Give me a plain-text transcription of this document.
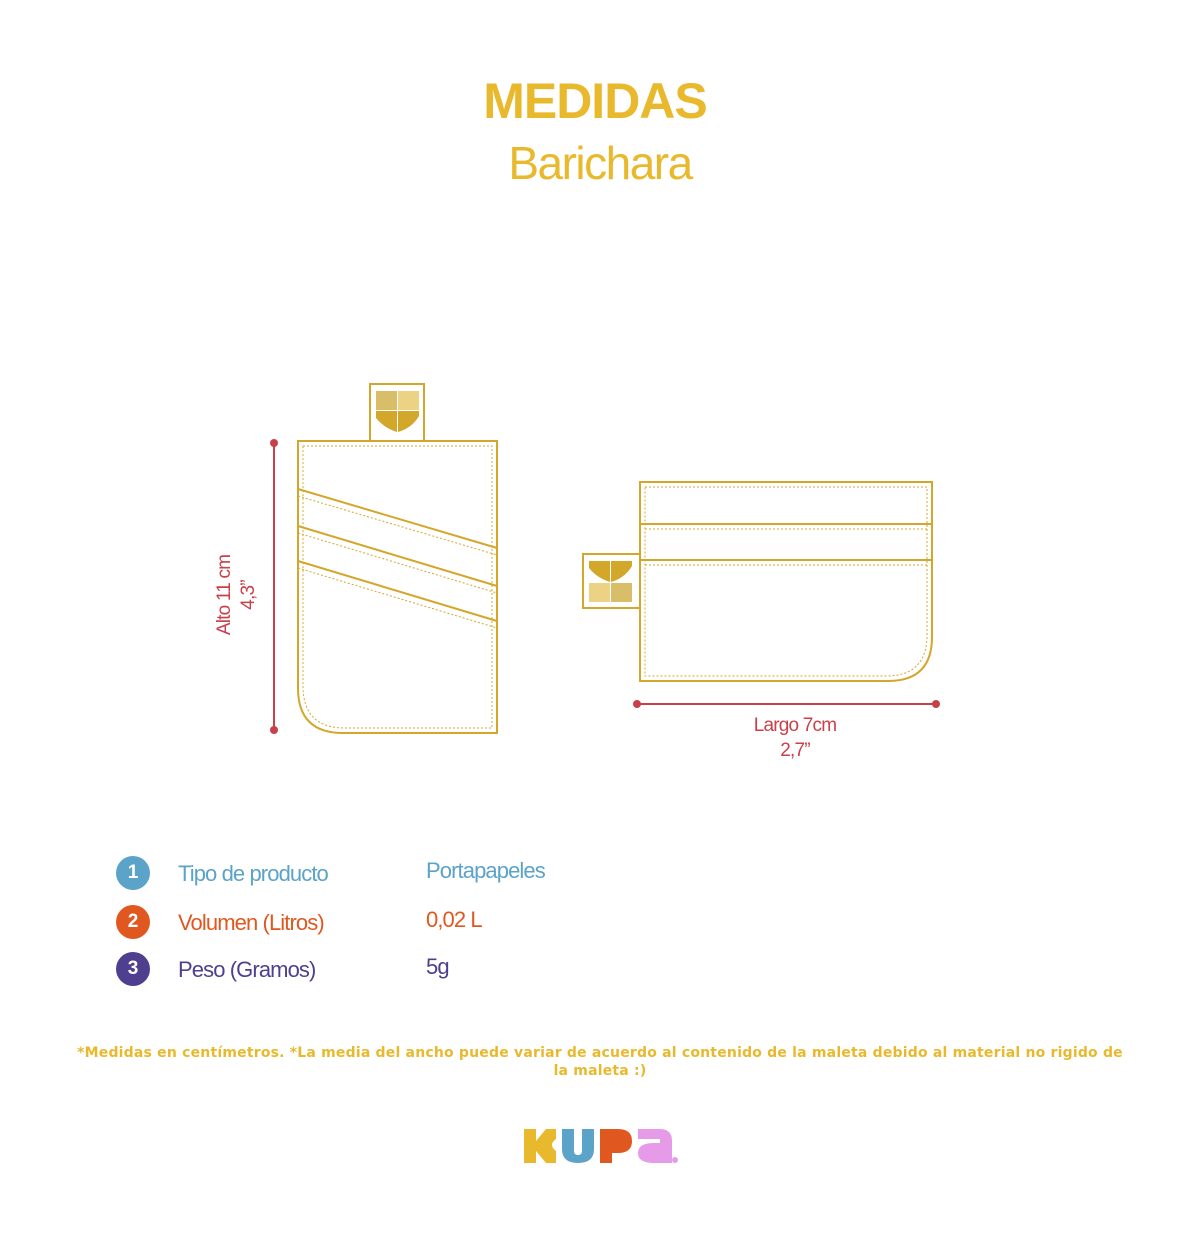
MEDIDAS
Barichara
Alto 11 cm 4,3”
Largo 7cm
2,7”
1	Tipo de producto	Portapapeles
2	Volumen (Litros)	0,02 L
3	Peso (Gramos)	5g
*Medidas en centímetros. *La media del ancho puede variar de acuerdo al contenido de la maleta debido al material no rigido de la maleta :)
